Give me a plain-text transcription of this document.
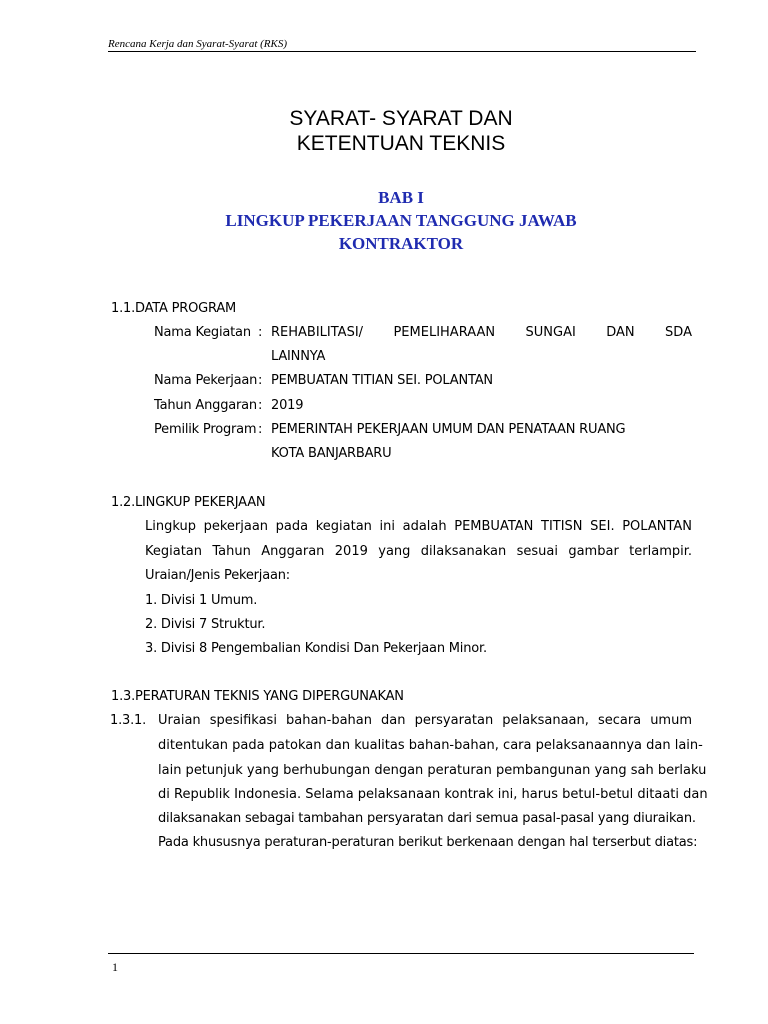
Rencana Kerja dan Syarat-Syarat (RKS)
SYARAT- SYARAT DAN
KETENTUAN TEKNIS
BAB I
LINGKUP PEKERJAAN TANGGUNG JAWAB
KONTRAKTOR
1.1.DATA PROGRAM
Nama Kegiatan : REHABILITASI/ PEMELIHARAAN SUNGAI DAN SDA
LAINNYA
Nama Pekerjaan : PEMBUATAN TITIAN SEI. POLANTAN
Tahun Anggaran : 2019
Pemilik Program : PEMERINTAH PEKERJAAN UMUM DAN PENATAAN RUANG
KOTA BANJARBARU
1.2.LINGKUP PEKERJAAN
Lingkup pekerjaan pada kegiatan ini adalah PEMBUATAN TITISN SEI. POLANTAN
Kegiatan Tahun Anggaran 2019 yang dilaksanakan sesuai gambar terlampir.
Uraian/Jenis Pekerjaan:
1. Divisi 1 Umum.
2. Divisi 7 Struktur.
3. Divisi 8 Pengembalian Kondisi Dan Pekerjaan Minor.
1.3.PERATURAN TEKNIS YANG DIPERGUNAKAN
1.3.1. Uraian spesifikasi bahan-bahan dan persyaratan pelaksanaan, secara umum
ditentukan pada patokan dan kualitas bahan-bahan, cara pelaksanaannya dan lain-
lain petunjuk yang berhubungan dengan peraturan pembangunan yang sah berlaku
di Republik Indonesia. Selama pelaksanaan kontrak ini, harus betul-betul ditaati dan
dilaksanakan sebagai tambahan persyaratan dari semua pasal-pasal yang diuraikan.
Pada khususnya peraturan-peraturan berikut berkenaan dengan hal terserbut diatas:
1
